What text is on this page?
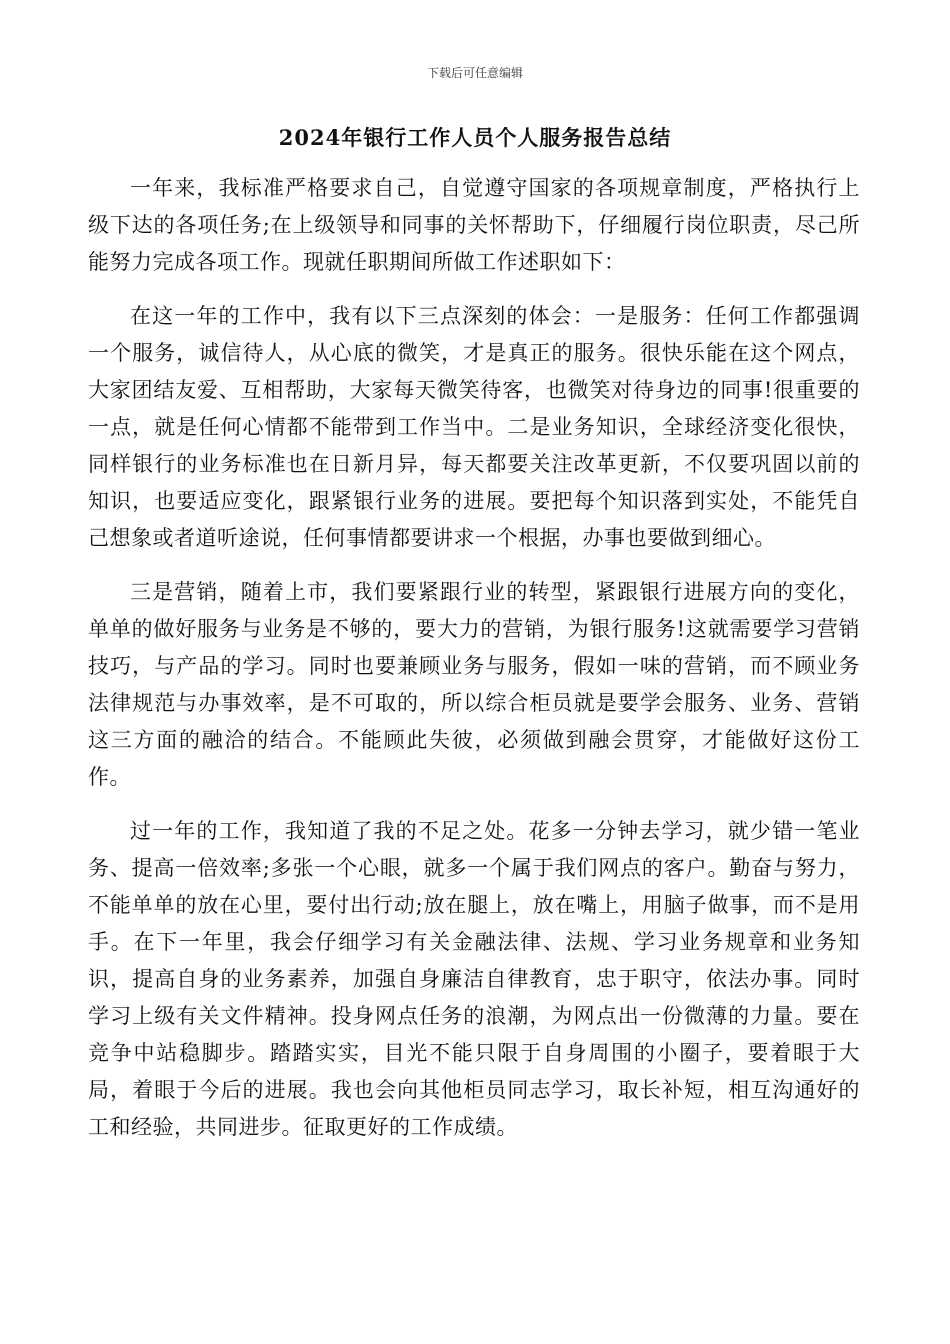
下载后可任意编辑
2024年银行工作人员个人服务报告总结

一年来，我标准严格要求自己，自觉遵守国家的各项规章制度，严格执行上级下达的各项任务;在上级领导和同事的关怀帮助下，仔细履行岗位职责，尽己所能努力完成各项工作。现就任职期间所做工作述职如下：

在这一年的工作中，我有以下三点深刻的体会：一是服务：任何工作都强调一个服务，诚信待人，从心底的微笑，才是真正的服务。很快乐能在这个网点，大家团结友爱、互相帮助，大家每天微笑待客，也微笑对待身边的同事!很重要的一点，就是任何心情都不能带到工作当中。二是业务知识，全球经济变化很快，同样银行的业务标准也在日新月异，每天都要关注改革更新，不仅要巩固以前的知识，也要适应变化，跟紧银行业务的进展。要把每个知识落到实处，不能凭自己想象或者道听途说，任何事情都要讲求一个根据，办事也要做到细心。

三是营销，随着上市，我们要紧跟行业的转型，紧跟银行进展方向的变化，单单的做好服务与业务是不够的，要大力的营销，为银行服务!这就需要学习营销技巧，与产品的学习。同时也要兼顾业务与服务，假如一味的营销，而不顾业务法律规范与办事效率，是不可取的，所以综合柜员就是要学会服务、业务、营销这三方面的融洽的结合。不能顾此失彼，必须做到融会贯穿，才能做好这份工作。

过一年的工作，我知道了我的不足之处。花多一分钟去学习，就少错一笔业务、提高一倍效率;多张一个心眼，就多一个属于我们网点的客户。勤奋与努力，不能单单的放在心里，要付出行动;放在腿上，放在嘴上，用脑子做事，而不是用手。在下一年里，我会仔细学习有关金融法律、法规、学习业务规章和业务知识，提高自身的业务素养，加强自身廉洁自律教育，忠于职守，依法办事。同时学习上级有关文件精神。投身网点任务的浪潮，为网点出一份微薄的力量。要在竞争中站稳脚步。踏踏实实，目光不能只限于自身周围的小圈子，要着眼于大局，着眼于今后的进展。我也会向其他柜员同志学习，取长补短，相互沟通好的工和经验，共同进步。征取更好的工作成绩。
